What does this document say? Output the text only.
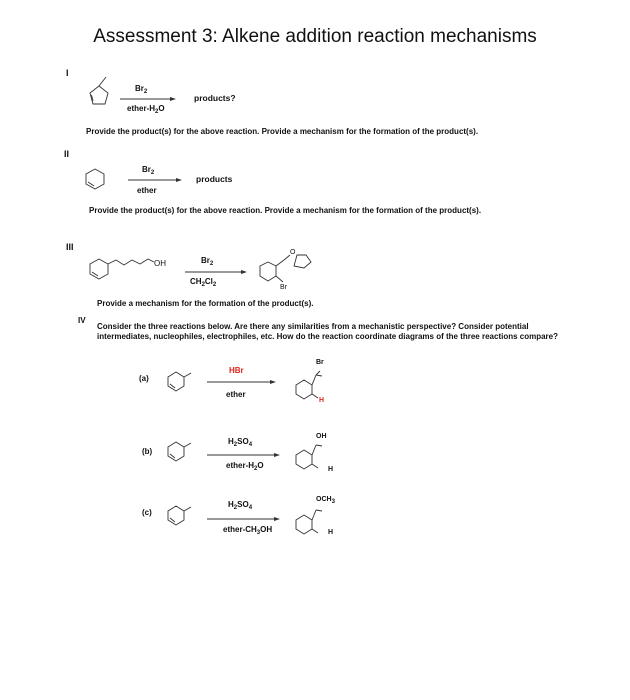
Assessment 3: Alkene addition reaction mechanisms
I
$Br_2$
ether-$H_2O$
products?
Provide the product(s) for the above reaction. Provide a mechanism for the formation of the product(s).
II
$Br_2$
ether
products
Provide the product(s) for the above reaction. Provide a mechanism for the formation of the product(s).
III
OH	$Br_2$
$CH_2Cl_2$
O
Br
Provide a mechanism for the formation of the product(s).
IV
Consider the three reactions below. Are there any similarities from a mechanistic perspective? Consider potential intermediates, nucleophiles, electrophiles, etc. How do the reaction coordinate diagrams of the three reactions compare?
(a)
HBr
ether
Br
H
(b)
$H_2SO_4$
ether-$H_2O$
OH
H
(c)
$H_2SO_4$
ether-$CH_3OH$
$OCH_3$
H
